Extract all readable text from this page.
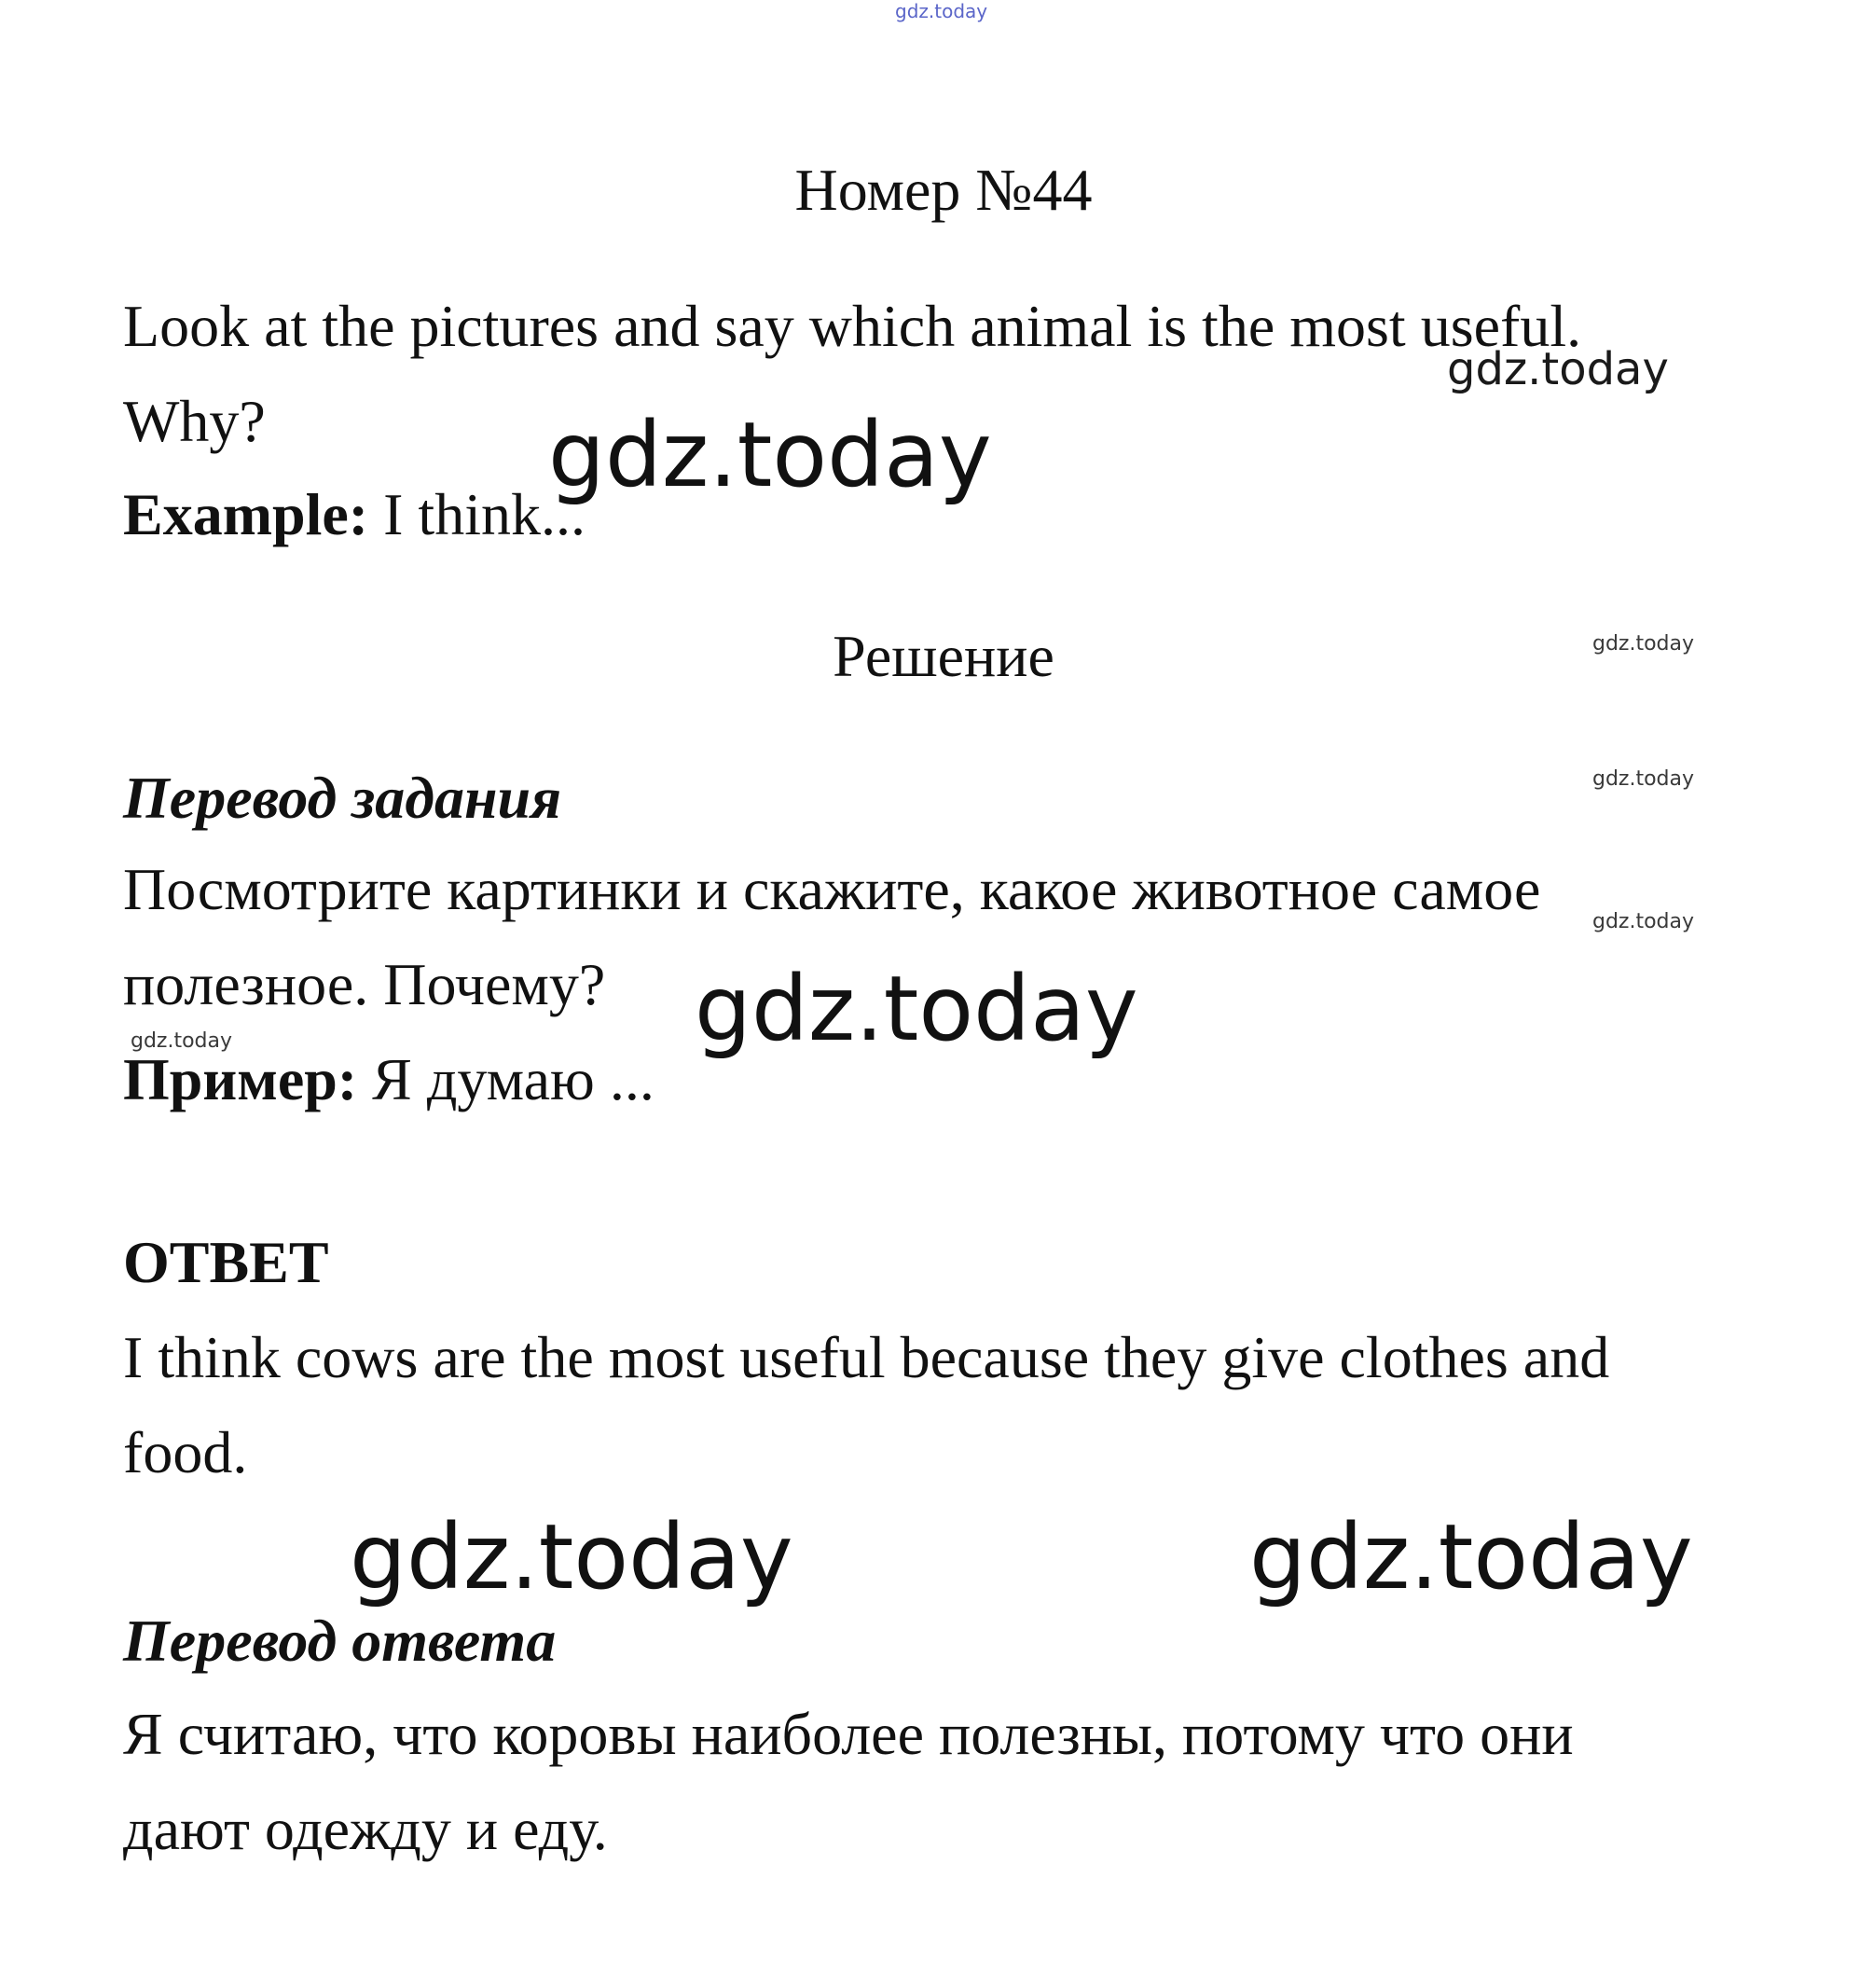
gdz.today
Номер №44
Look at the pictures and say which animal is the most useful.
Why?
Example: I think...
Решение
Перевод задания
Посмотрите картинки и скажите, какое животное самое
полезное. Почему?
Пример: Я думаю ...
ОТВЕТ
I think cows are the most useful because they give clothes and
food.
Перевод ответа
Я считаю, что коровы наиболее полезны, потому что они
дают одежду и еду.
gdz.today
gdz.today
gdz.today
gdz.today
gdz.today
gdz.today
gdz.today
gdz.today	gdz.today
